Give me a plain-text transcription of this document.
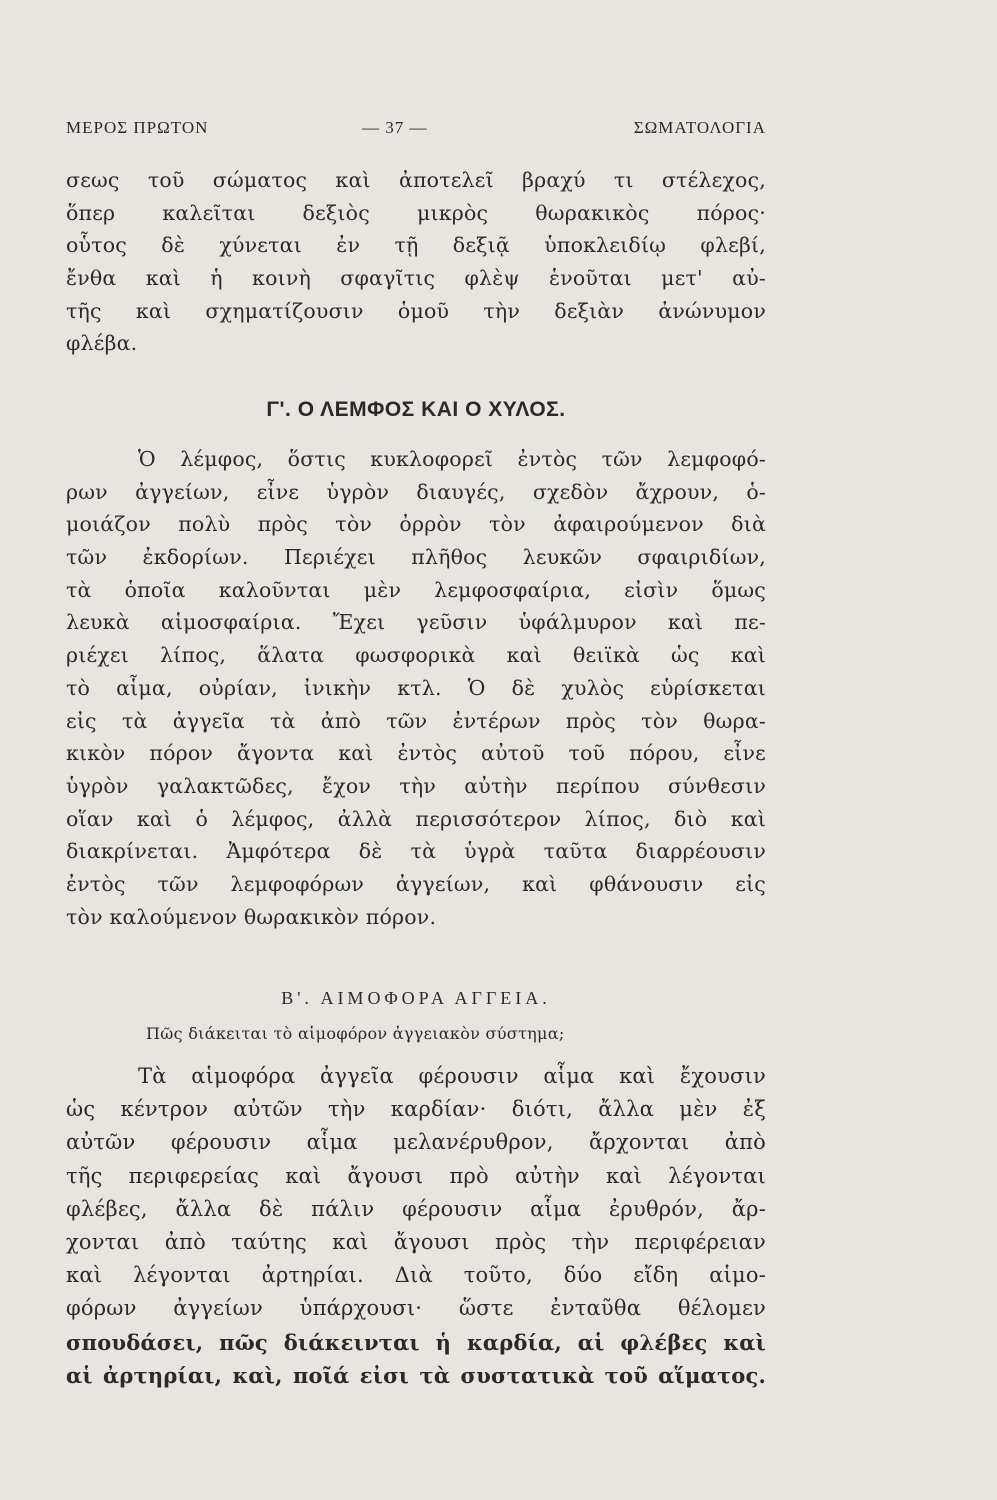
ΜΕΡΟΣ ΠΡΩΤΟΝ	— 37 —	ΣΩΜΑΤΟΛΟΓΙΑ
σεως τοῦ σώματος καὶ ἀποτελεῖ βραχύ τι στέλεχος,
ὅπερ καλεῖται δεξιὸς μικρὸς θωρακικὸς πόρος·
οὗτος δὲ χύνεται ἐν τῇ δεξιᾷ ὑποκλειδίῳ φλεβί,
ἔνθα καὶ ἡ κοινὴ σφαγῖτις φλὲψ ἑνοῦται μετ' αὐ-
τῆς καὶ σχηματίζουσιν ὁμοῦ τὴν δεξιὰν ἀνώνυμον
φλέβα.
Γ'. Ο ΛΕΜΦΟΣ ΚΑΙ Ο ΧΥΛΟΣ.
Ὁ λέμφος, ὅστις κυκλοφορεῖ ἐντὸς τῶν λεμφοφό-
ρων ἀγγείων, εἶνε ὑγρὸν διαυγές, σχεδὸν ἄχρουν, ὁ-
μοιάζον πολὺ πρὸς τὸν ὀρρὸν τὸν ἀφαιρούμενον διὰ
τῶν ἐκδορίων. Περιέχει πλῆθος λευκῶν σφαιριδίων,
τὰ ὁποῖα καλοῦνται μὲν λεμφοσφαίρια, εἰσὶν ὅμως
λευκὰ αἱμοσφαίρια. Ἔχει γεῦσιν ὑφάλμυρον καὶ πε-
ριέχει λίπος, ἅλατα φωσφορικὰ καὶ θειϊκὰ ὡς καὶ
τὸ αἷμα, οὐρίαν, ἰνικὴν κτλ. Ὁ δὲ χυλὸς εὑρίσκεται
εἰς τὰ ἀγγεῖα τὰ ἀπὸ τῶν ἐντέρων πρὸς τὸν θωρα-
κικὸν πόρον ἄγοντα καὶ ἐντὸς αὐτοῦ τοῦ πόρου, εἶνε
ὑγρὸν γαλακτῶδες, ἔχον τὴν αὐτὴν περίπου σύνθεσιν
οἵαν καὶ ὁ λέμφος, ἀλλὰ περισσότερον λίπος, διὸ καὶ
διακρίνεται. Ἀμφότερα δὲ τὰ ὑγρὰ ταῦτα διαρρέουσιν
ἐντὸς τῶν λεμφοφόρων ἀγγείων, καὶ φθάνουσιν εἰς
τὸν καλούμενον θωρακικὸν πόρον.
Β'. ΑΙΜΟΦΟΡΑ ΑΓΓΕΙΑ.
Πῶς διάκειται τὸ αἱμοφόρον ἀγγειακὸν σύστημα;
Τὰ αἱμοφόρα ἀγγεῖα φέρουσιν αἷμα καὶ ἔχουσιν
ὡς κέντρον αὐτῶν τὴν καρδίαν· διότι, ἄλλα μὲν ἐξ
αὐτῶν φέρουσιν αἷμα μελανέρυθρον, ἄρχονται ἀπὸ
τῆς περιφερείας καὶ ἄγουσι πρὸ αὐτὴν καὶ λέγονται
φλέβες, ἄλλα δὲ πάλιν φέρουσιν αἷμα ἐρυθρόν, ἄρ-
χονται ἀπὸ ταύτης καὶ ἄγουσι πρὸς τὴν περιφέρειαν
καὶ λέγονται ἀρτηρίαι. Διὰ τοῦτο, δύο εἴδη αἱμο-
φόρων ἀγγείων ὑπάρχουσι· ὥστε ἐνταῦθα θέλομεν
σπουδάσει, πῶς διάκεινται ἡ καρδία, αἱ φλέβες καὶ
αἱ ἀρτηρίαι, καὶ, ποῖά εἰσι τὰ συστατικὰ τοῦ αἵματος.
